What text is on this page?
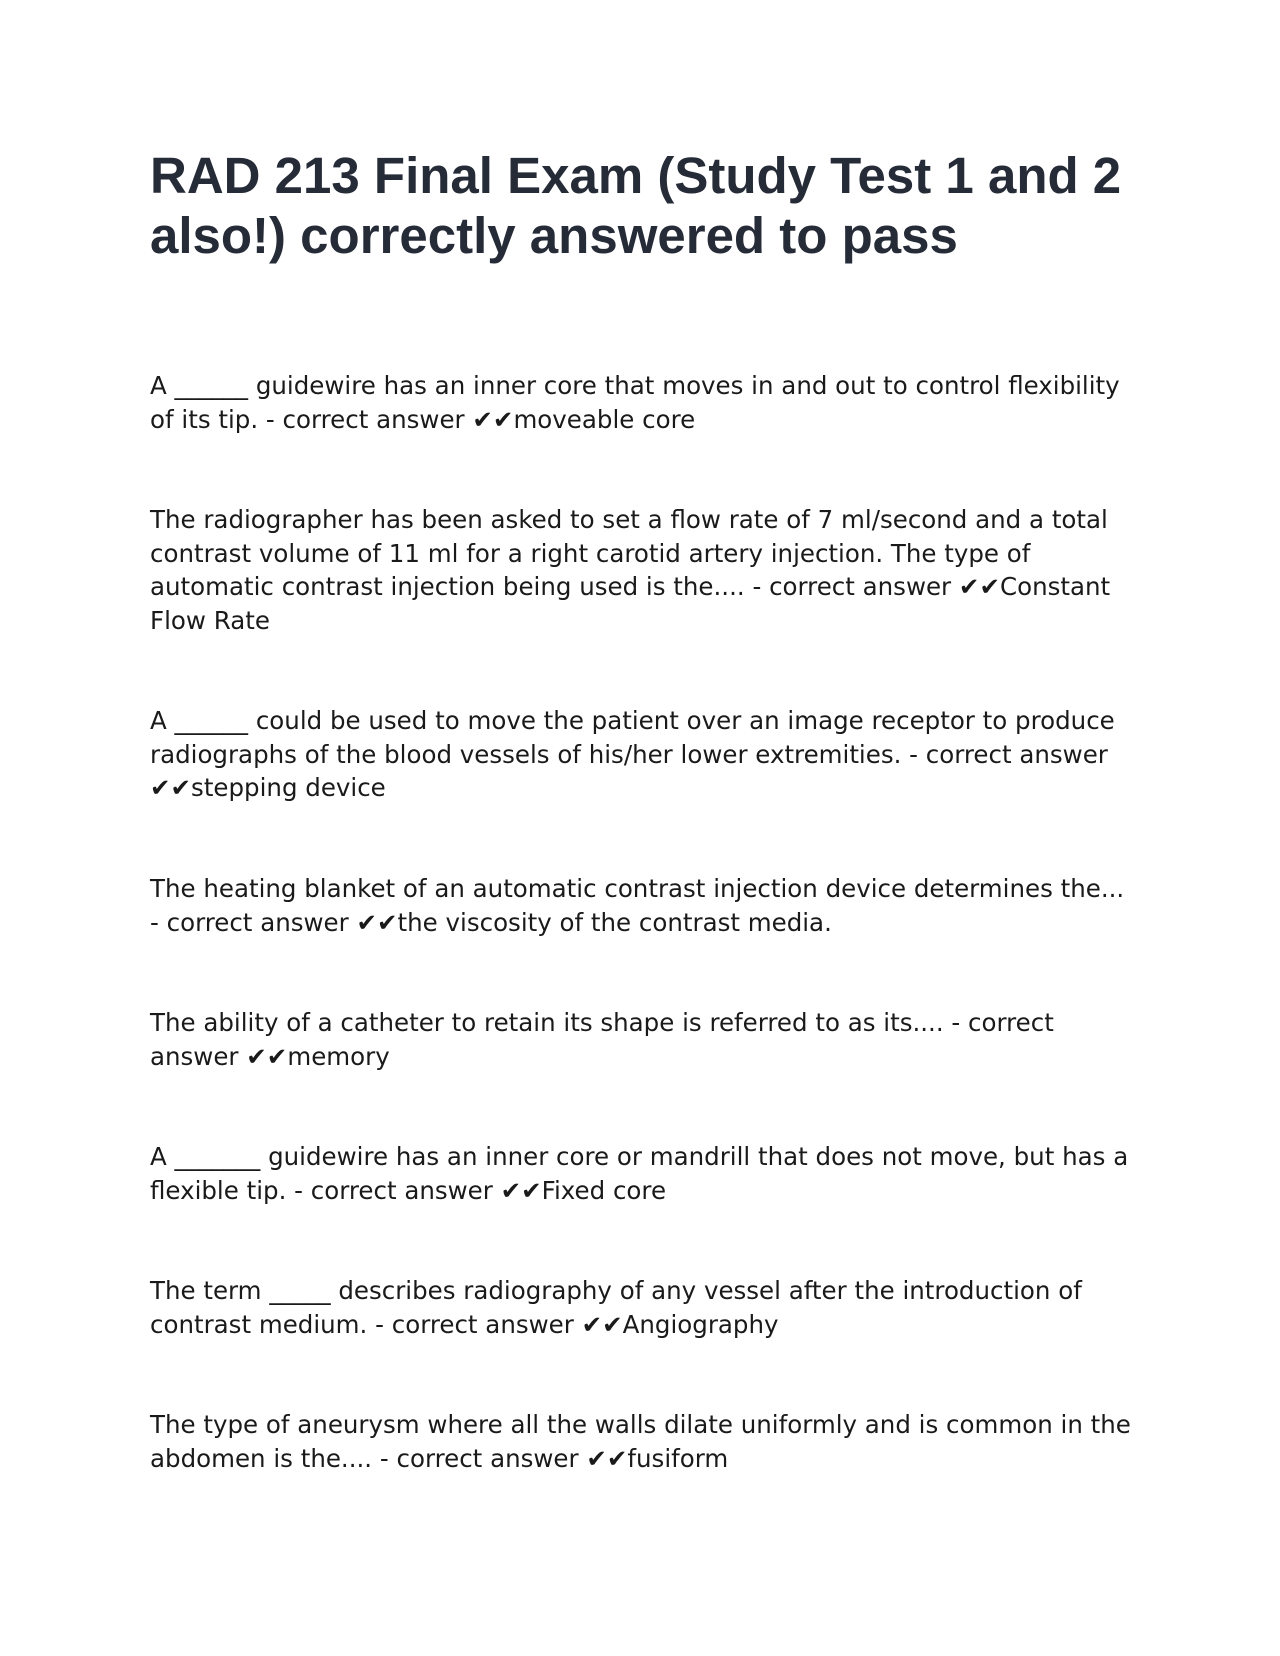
RAD 213 Final Exam (Study Test 1 and 2 also!) correctly answered to pass

A ______ guidewire has an inner core that moves in and out to control flexibility of its tip. - correct answer ✔✔moveable core

The radiographer has been asked to set a flow rate of 7 ml/second and a total contrast volume of 11 ml for a right carotid artery injection. The type of automatic contrast injection being used is the.... - correct answer ✔✔Constant Flow Rate

A ______ could be used to move the patient over an image receptor to produce radiographs of the blood vessels of his/her lower extremities. - correct answer ✔✔stepping device

The heating blanket of an automatic contrast injection device determines the... - correct answer ✔✔the viscosity of the contrast media.

The ability of a catheter to retain its shape is referred to as its.... - correct answer ✔✔memory

A _______ guidewire has an inner core or mandrill that does not move, but has a flexible tip. - correct answer ✔✔Fixed core

The term _____ describes radiography of any vessel after the introduction of contrast medium. - correct answer ✔✔Angiography

The type of aneurysm where all the walls dilate uniformly and is common in the abdomen is the.... - correct answer ✔✔fusiform
